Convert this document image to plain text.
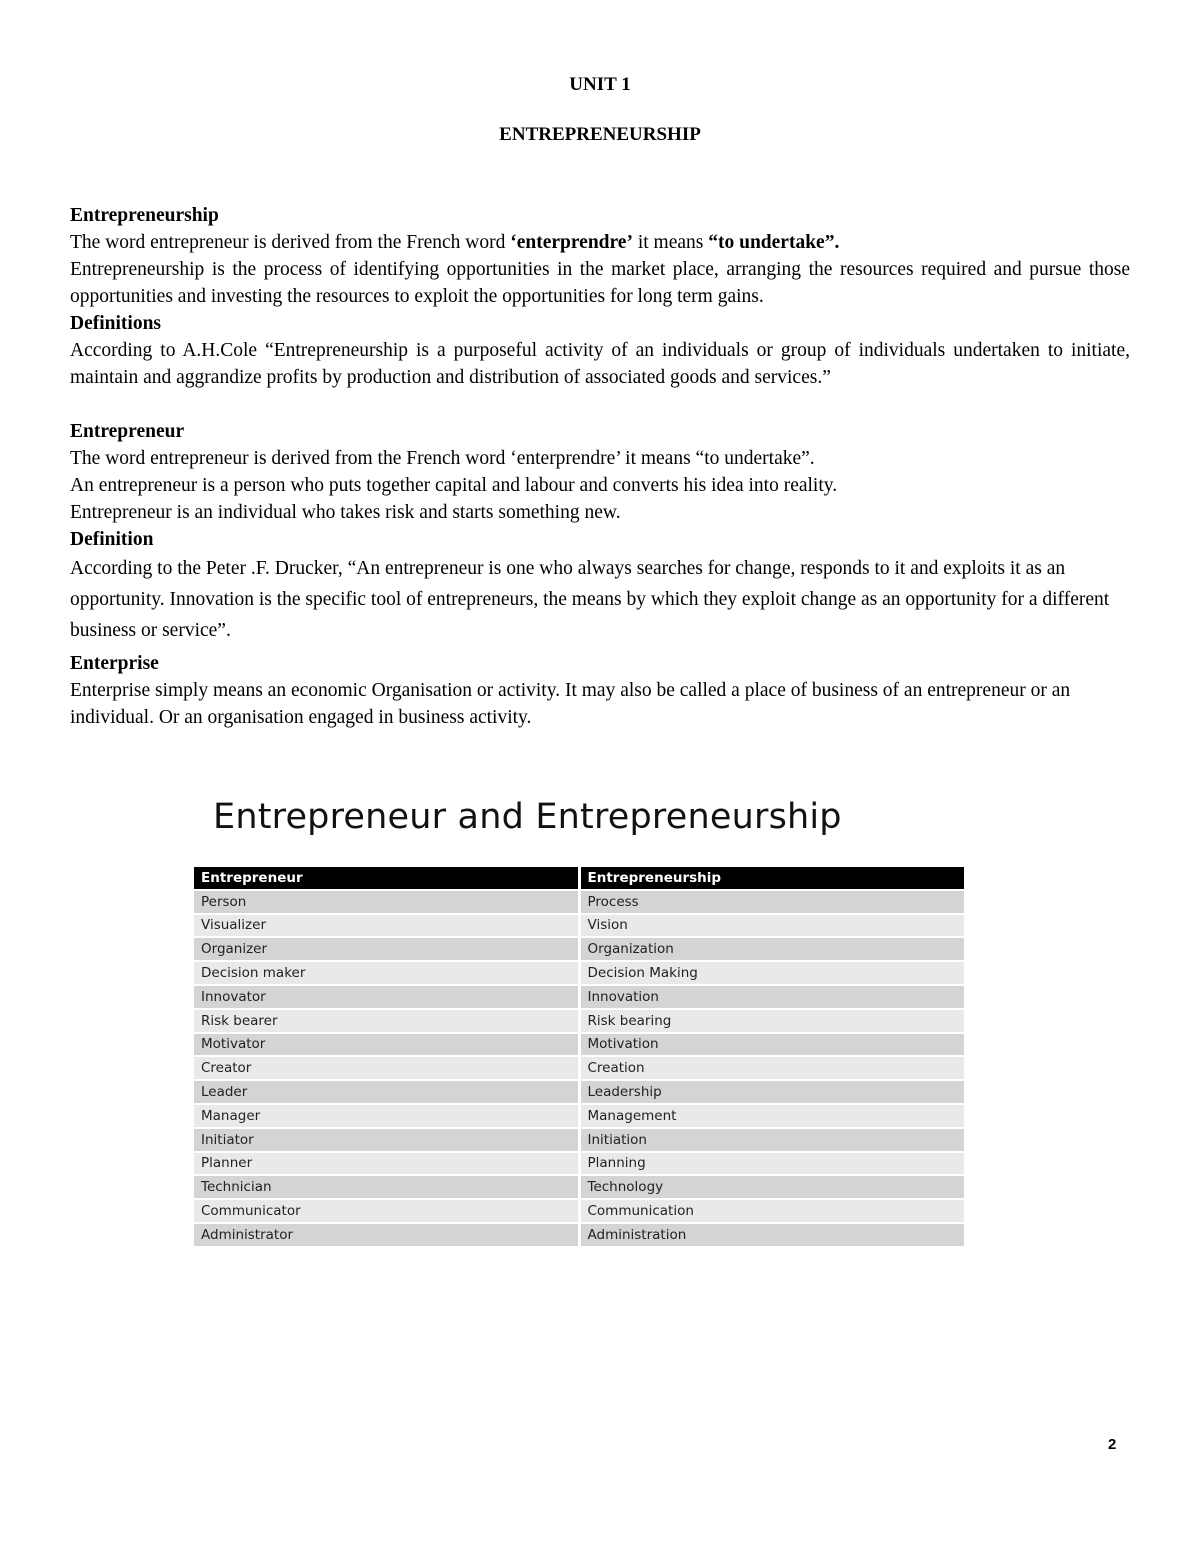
UNIT 1
ENTREPRENEURSHIP
Entrepreneurship

The word entrepreneur is derived from the French word ‘enterprendre’ it means “to undertake”.

Entrepreneurship is the process of identifying opportunities in the market place, arranging the resources required and pursue those opportunities and investing the resources to exploit the opportunities for long term gains.

Definitions

According to A.H.Cole “Entrepreneurship is a purposeful activity of an individuals or group of individuals undertaken to initiate, maintain and aggrandize profits by production and distribution of associated goods and services.”

Entrepreneur

The word entrepreneur is derived from the French word ‘enterprendre’ it means “to undertake”.

An entrepreneur is a person who puts together capital and labour and converts his idea into reality.

Entrepreneur is an individual who takes risk and starts something new.

Definition

According to the Peter .F. Drucker, “An entrepreneur is one who always searches for change, responds to it and exploits it as an opportunity. Innovation is the specific tool of entrepreneurs, the means by which they exploit change as an opportunity for a different business or service”.

Enterprise

Enterprise simply means an economic Organisation or activity. It may also be called a place of business of an entrepreneur or an individual. Or an organisation engaged in business activity.

Entrepreneur and Entrepreneurship
Entrepreneur	Entrepreneurship
Person	Process
Visualizer	Vision
Organizer	Organization
Decision maker	Decision Making
Innovator	Innovation
Risk bearer	Risk bearing
Motivator	Motivation
Creator	Creation
Leader	Leadership
Manager	Management
Initiator	Initiation
Planner	Planning
Technician	Technology
Communicator	Communication
Administrator	Administration
2
